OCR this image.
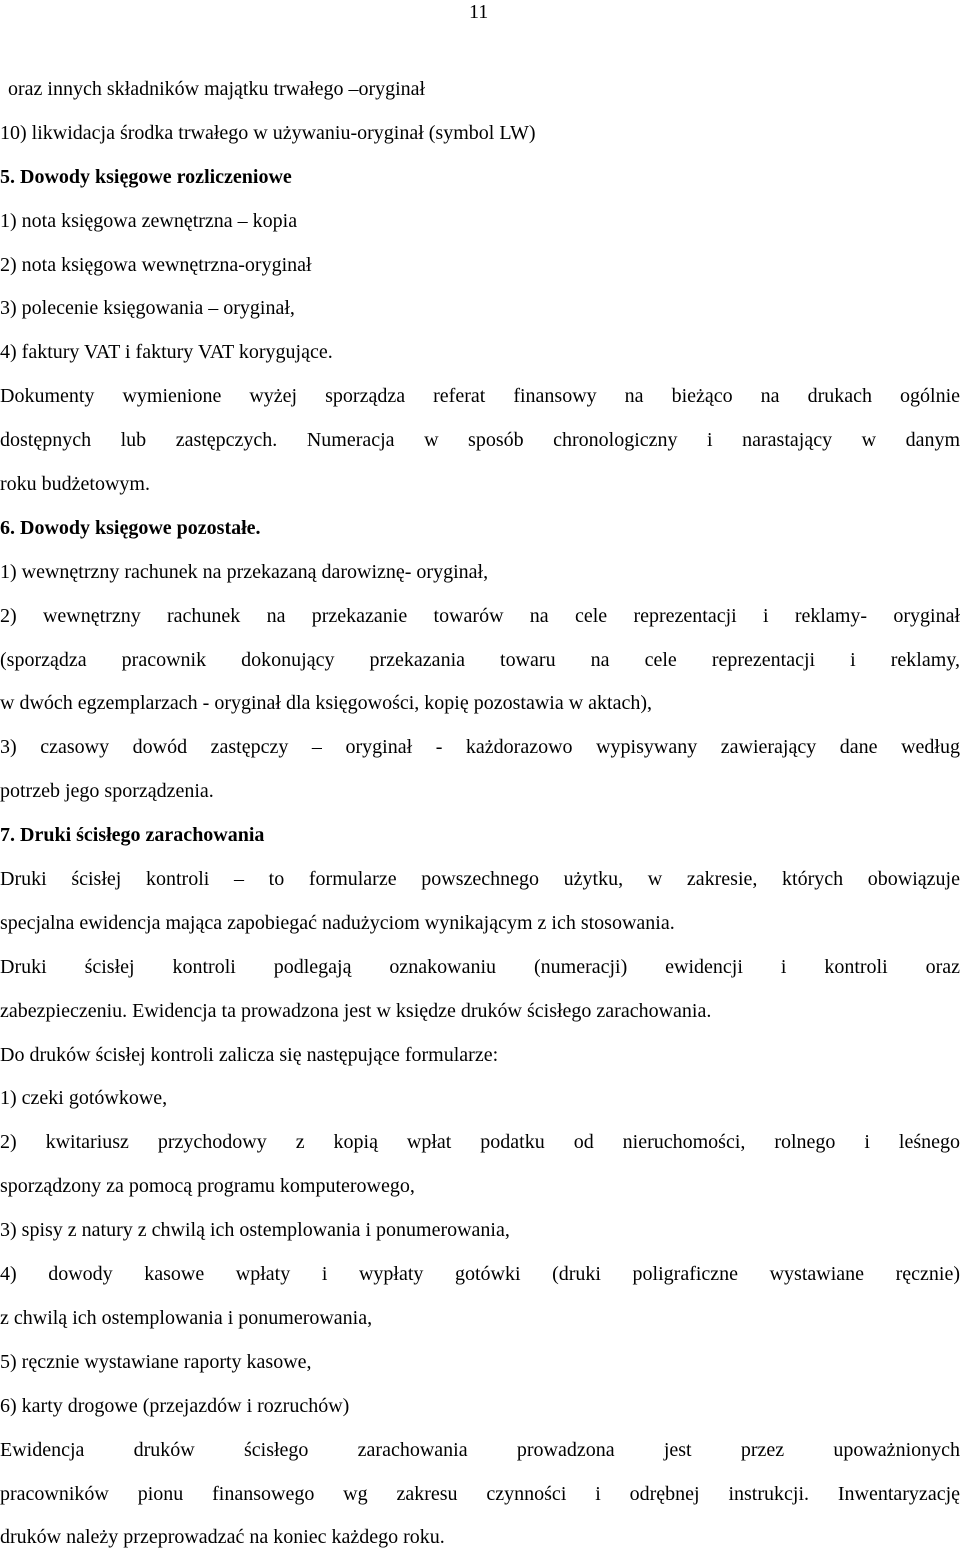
11
oraz innych składników majątku trwałego –oryginał
10) likwidacja środka trwałego w używaniu-oryginał (symbol LW)
5. Dowody księgowe rozliczeniowe
1) nota księgowa zewnętrzna – kopia
2) nota księgowa wewnętrzna-oryginał
3) polecenie księgowania – oryginał,
4) faktury VAT i faktury VAT korygujące.
Dokumenty wymienione wyżej sporządza referat finansowy na bieżąco na drukach ogólnie
dostępnych lub zastępczych. Numeracja w sposób chronologiczny i narastający w danym
roku budżetowym.
6. Dowody księgowe pozostałe.
1) wewnętrzny rachunek na przekazaną darowiznę- oryginał,
2) wewnętrzny rachunek na przekazanie towarów na cele reprezentacji i reklamy- oryginał
(sporządza pracownik dokonujący przekazania towaru na cele reprezentacji i reklamy,
w dwóch egzemplarzach - oryginał dla księgowości, kopię pozostawia w aktach),
3) czasowy dowód zastępczy – oryginał - każdorazowo wypisywany zawierający dane według
potrzeb jego sporządzenia.
7. Druki ścisłego zarachowania
Druki ścisłej kontroli – to formularze powszechnego użytku, w zakresie, których obowiązuje
specjalna ewidencja mająca zapobiegać nadużyciom wynikającym z ich stosowania.
Druki ścisłej kontroli podlegają oznakowaniu (numeracji) ewidencji i kontroli oraz
zabezpieczeniu. Ewidencja ta prowadzona jest w księdze druków ścisłego zarachowania.
Do druków ścisłej kontroli zalicza się następujące formularze:
1) czeki gotówkowe,
2) kwitariusz przychodowy z kopią wpłat podatku od nieruchomości, rolnego i leśnego
sporządzony za pomocą programu komputerowego,
3) spisy z natury z chwilą ich ostemplowania i ponumerowania,
4) dowody kasowe wpłaty i wypłaty gotówki (druki poligraficzne wystawiane ręcznie)
z chwilą ich ostemplowania i ponumerowania,
5) ręcznie wystawiane raporty kasowe,
6) karty drogowe (przejazdów i rozruchów)
Ewidencja druków ścisłego zarachowania prowadzona jest przez upoważnionych
pracowników pionu finansowego wg zakresu czynności i odrębnej instrukcji. Inwentaryzację
druków należy przeprowadzać na koniec każdego roku.
